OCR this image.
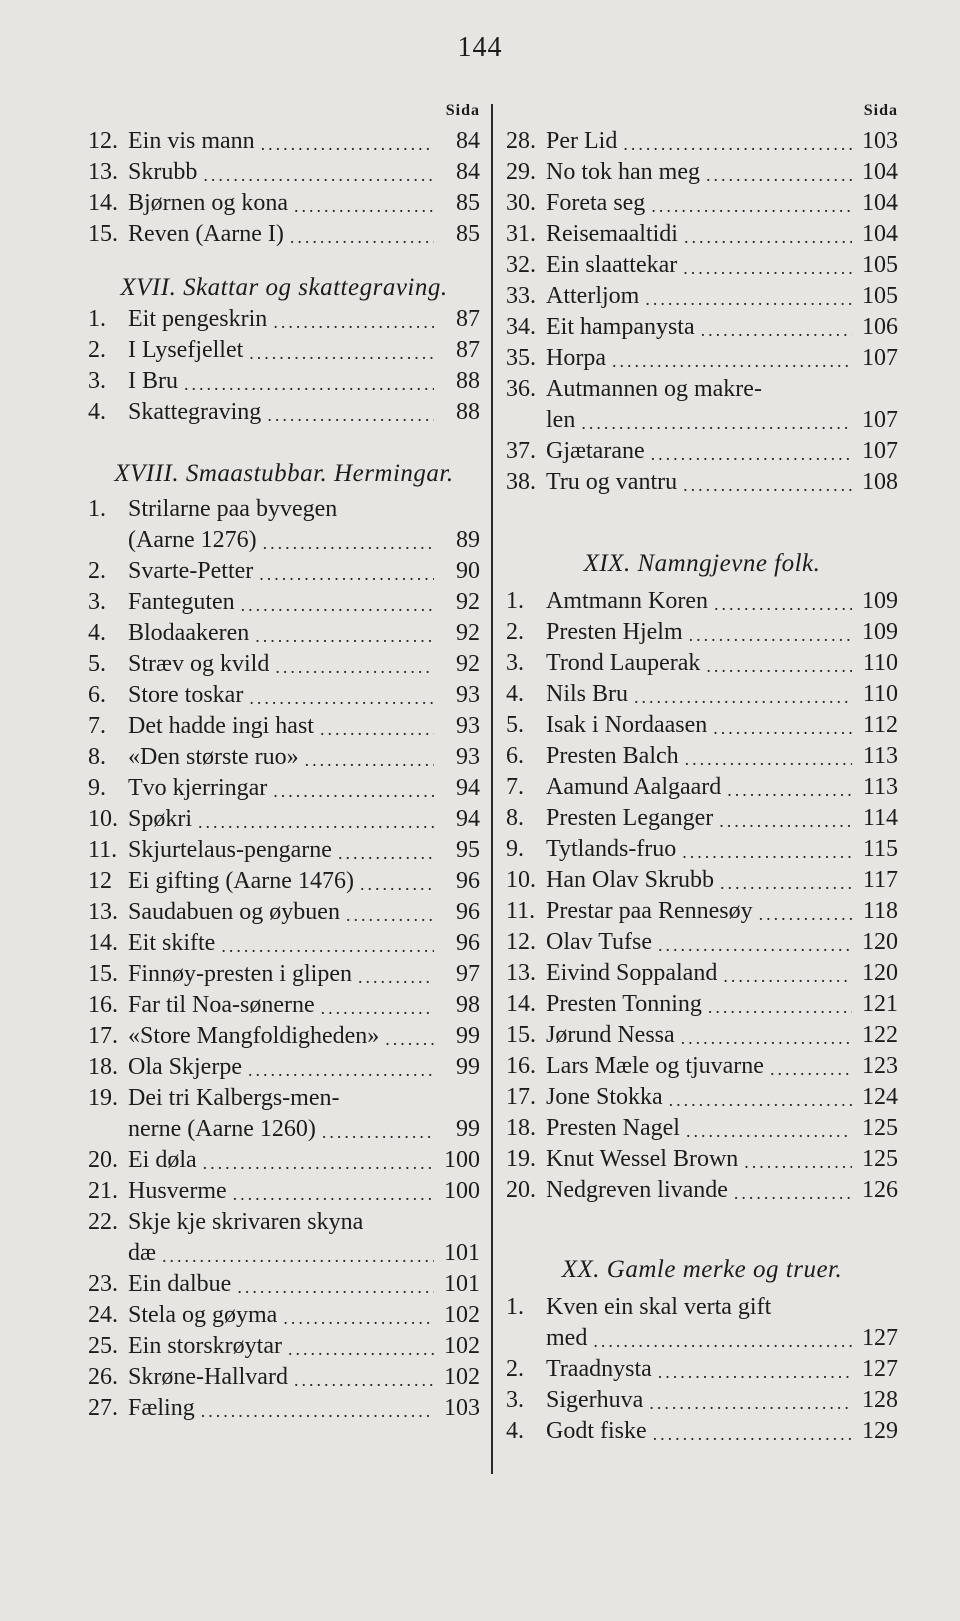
144
Sida
12. Ein vis mann .....	84
13. Skrubb .....	84
14. Bjørnen og kona .....	85
15. Reven (Aarne I) .....	85
XVII. Skattar og skattegraving.
1. Eit pengeskrin .....	87
2. I Lysefjellet .....	87
3. I Bru .....	88
4. Skattegraving .....	88
XVIII. Smaastubbar. Hermingar.
1. Strilarne paa byvegen
(Aarne 1276) .....	89
2. Svarte-Petter .....	90
3. Fanteguten .....	92
4. Blodaakeren .....	92
5. Stræv og kvild .....	92
6. Store toskar .....	93
7. Det hadde ingi hast .....	93
8. «Den største ruo» .....	93
9. Tvo kjerringar .....	94
10. Spøkri .....	94
11. Skjurtelaus-pengarne .....	95
12 Ei gifting (Aarne 1476) .....	96
13. Saudabuen og øybuen .....	96
14. Eit skifte .....	96
15. Finnøy-presten i glipen .....	97
16. Far til Noa-sønerne .....	98
17. «Store Mangfoldigheden» .....	99
18. Ola Skjerpe .....	99
19. Dei tri Kalbergs-men-
nerne (Aarne 1260) .....	99
20. Ei døla .....	100
21. Husverme .....	100
22. Skje kje skrivaren skyna
dæ .....	101
23. Ein dalbue .....	101
24. Stela og gøyma .....	102
25. Ein storskrøytar .....	102
26. Skrøne-Hallvard .....	102
27. Fæling .....	103
Sida
28. Per Lid .....	103
29. No tok han meg .....	104
30. Foreta seg .....	104
31. Reisemaaltidi .....	104
32. Ein slaattekar .....	105
33. Atterljom .....	105
34. Eit hampanysta .....	106
35. Horpa .....	107
36. Autmannen og makre-
len .....	107
37. Gjætarane .....	107
38. Tru og vantru .....	108
XIX. Namngjevne folk.
1. Amtmann Koren .....	109
2. Presten Hjelm .....	109
3. Trond Lauperak .....	110
4. Nils Bru .....	110
5. Isak i Nordaasen .....	112
6. Presten Balch .....	113
7. Aamund Aalgaard .....	113
8. Presten Leganger .....	114
9. Tytlands-fruo .....	115
10. Han Olav Skrubb .....	117
11. Prestar paa Rennesøy .....	118
12. Olav Tufse .....	120
13. Eivind Soppaland .....	120
14. Presten Tonning .....	121
15. Jørund Nessa .....	122
16. Lars Mæle og tjuvarne .....	123
17. Jone Stokka .....	124
18. Presten Nagel .....	125
19. Knut Wessel Brown .....	125
20. Nedgreven livande .....	126
XX. Gamle merke og truer.
1. Kven ein skal verta gift
med .....	127
2. Traadnysta .....	127
3. Sigerhuva .....	128
4. Godt fiske .....	129
